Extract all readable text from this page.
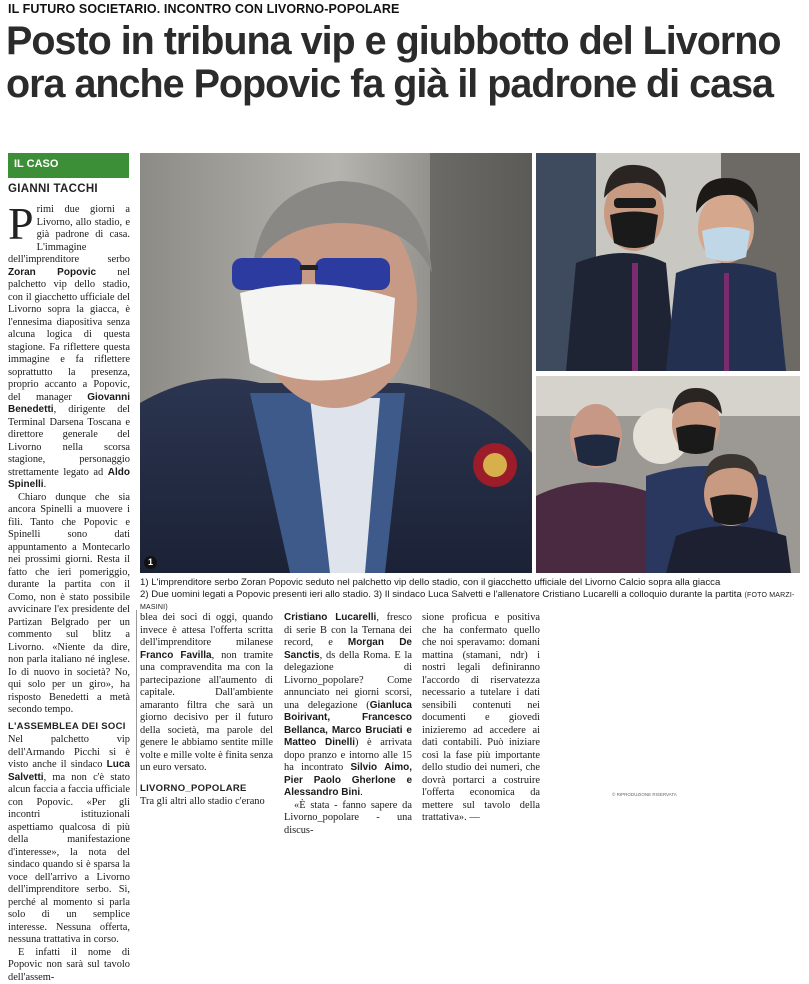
IL FUTURO SOCIETARIO. INCONTRO CON LIVORNO-POPOLARE
Posto in tribuna vip e giubbotto del Livorno
ora anche Popovic fa già il padrone di casa
IL CASO
GIANNI TACCHI

Primi due giorni a Livorno, allo stadio, e già padrone di casa. L'immagine dell'imprenditore serbo Zoran Popovic nel palchetto vip dello stadio, con il giacchetto ufficiale del Livorno sopra la giacca, è l'ennesima diapositiva senza alcuna logica di questa stagione. Fa riflettere questa immagine e fa riflettere soprattutto la presenza, proprio accanto a Popovic, del manager Giovanni Benedetti, dirigente del Terminal Darsena Toscana e direttore generale del Livorno nella scorsa stagione, personaggio strettamente legato ad Aldo Spinelli.

Chiaro dunque che sia ancora Spinelli a muovere i fili. Tanto che Popovic e Spinelli sono dati appuntamento a Montecarlo nei prossimi giorni. Resta il fatto che ieri pomeriggio, durante la partita con il Como, non è stato possibile avvicinare l'ex presidente del Partizan Belgrado per un commento sul blitz a Livorno. «Niente da dire, non parla italiano né inglese. Io di nuovo in società? No, qui solo per un giro», ha risposto Benedetti a metà secondo tempo.

L'ASSEMBLEA DEI SOCI

Nel palchetto vip dell'Armando Picchi si è visto anche il sindaco Luca Salvetti, ma non c'è stato alcun faccia a faccia ufficiale con Popovic. «Per gli incontri istituzionali aspettiamo qualcosa di più della manifestazione d'interesse», la nota del sindaco quando si è sparsa la voce dell'arrivo a Livorno dell'imprenditore serbo. Sì, perché al momento si parla solo di un semplice interesse. Nessuna offerta, nessuna trattativa in corso.

E infatti il nome di Popovic non sarà sul tavolo dell'assem-

blea dei soci di oggi, quando invece è attesa l'offerta scritta dell'imprenditore milanese Franco Favilla, non tramite una compravendita ma con la partecipazione all'aumento di capitale. Dall'ambiente amaranto filtra che sarà un giorno decisivo per il futuro della società, ma parole del genere le abbiamo sentite mille volte e mille volte è finita senza un euro versato.

LIVORNO_POPOLARE

Tra gli altri allo stadio c'erano

Cristiano Lucarelli, fresco di serie B con la Ternana dei record, e Morgan De Sanctis, ds della Roma. E la delegazione di Livorno_popolare? Come annunciato nei giorni scorsi, una delegazione (Gianluca Boirivant, Francesco Bellanca, Marco Bruciati e Matteo Dinelli) è arrivata dopo pranzo e intorno alle 15 ha incontrato Silvio Aimo, Pier Paolo Gherlone e Alessandro Bini.

«È stata - fanno sapere da Livorno_popolare - una discus-

sione proficua e positiva che ha confermato quello che noi speravamo: domani mattina (stamani, ndr) i nostri legali definiranno l'accordo di riservatezza necessario a tutelare i dati sensibili contenuti nei documenti e giovedì inizieremo ad accedere ai dati contabili. Può iniziare così la fase più importante dello studio dei numeri, che dovrà portarci a costruire l'offerta economica da mettere sul tavolo della trattativa». —

© RIPRODUZIONE RISERVATA
1
1) L'imprenditore serbo Zoran Popovic seduto nel palchetto vip dello stadio, con il giacchetto ufficiale del Livorno Calcio sopra alla giacca
2) Due uomini legati a Popovic presenti ieri allo stadio. 3) Il sindaco Luca Salvetti e l'allenatore Cristiano Lucarelli a colloquio durante la partita (FOTO MARZI-MASINI)
